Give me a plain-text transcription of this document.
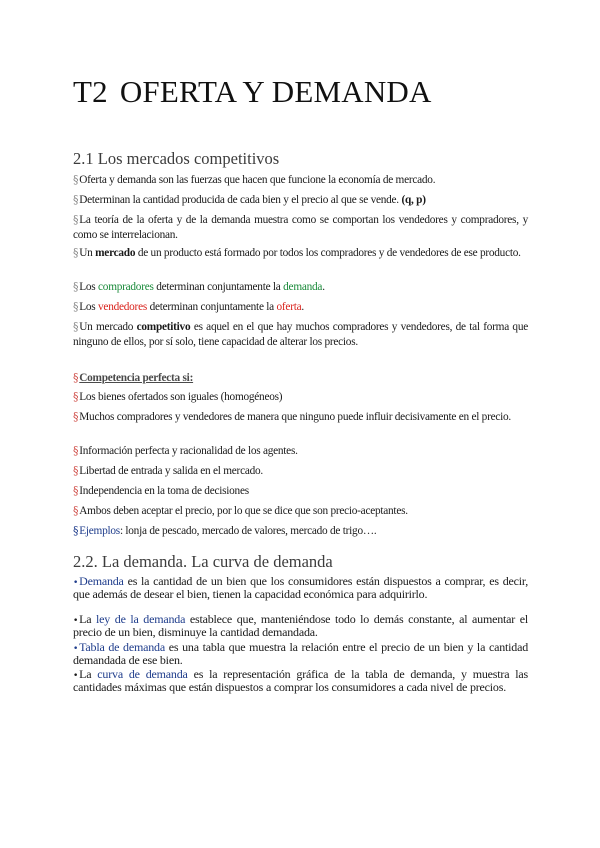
T2 OFERTA Y DEMANDA
2.1 Los mercados competitivos

§Oferta y demanda son las fuerzas que hacen que funcione la economía de mercado.

§Determinan la cantidad producida de cada bien y el precio al que se vende. (q, p)

§La teoría de la oferta y de la demanda muestra como se comportan los vendedores y compradores, y como se interrelacionan.

§Un mercado de un producto está formado por todos los compradores y de vendedores de ese producto.

§Los compradores determinan conjuntamente la demanda.

§Los vendedores determinan conjuntamente la oferta.

§Un mercado competitivo es aquel en el que hay muchos compradores y vendedores, de tal forma que ninguno de ellos, por sí solo, tiene capacidad de alterar los precios.

§Competencia perfecta si:

§Los bienes ofertados son iguales (homogéneos)

§Muchos compradores y vendedores de manera que ninguno puede influir decisivamente en el precio.

§Información perfecta y racionalidad de los agentes.

§Libertad de entrada y salida en el mercado.

§Independencia en la toma de decisiones

§Ambos deben aceptar el precio, por lo que se dice que son precio-aceptantes.

§Ejemplos: lonja de pescado, mercado de valores, mercado de trigo….

2.2. La demanda. La curva de demanda

•Demanda es la cantidad de un bien que los consumidores están dispuestos a comprar, es decir, que además de desear el bien, tienen la capacidad económica para adquirirlo.

•La ley de la demanda establece que, manteniéndose todo lo demás constante, al aumentar el precio de un bien, disminuye la cantidad demandada.

•Tabla de demanda es una tabla que muestra la relación entre el precio de un bien y la cantidad demandada de ese bien.

•La curva de demanda es la representación gráfica de la tabla de demanda, y muestra las cantidades máximas que están dispuestos a comprar los consumidores a cada nivel de precios.
